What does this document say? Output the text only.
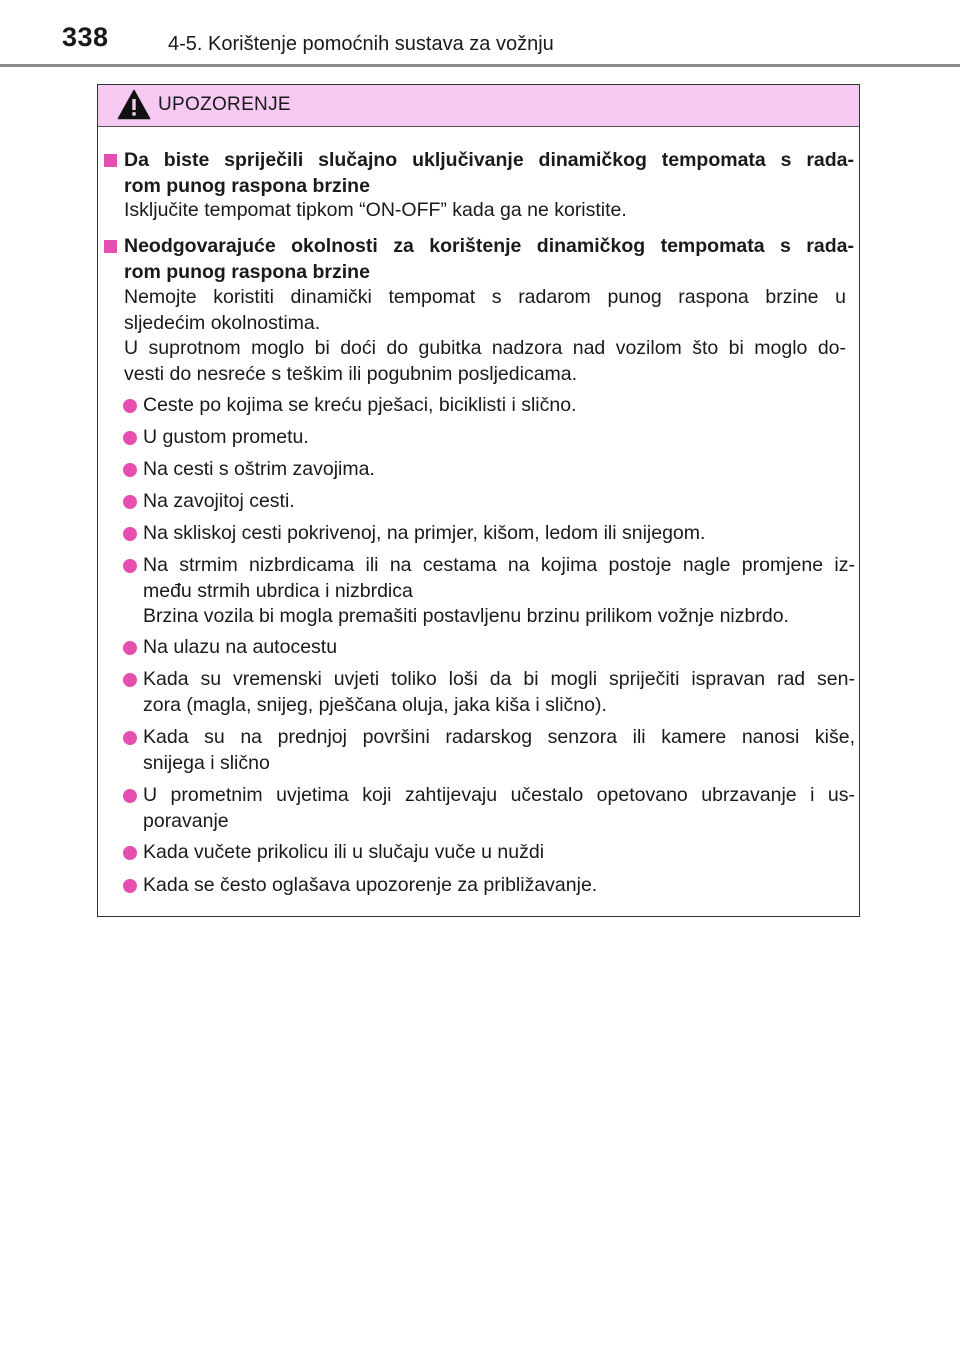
338	4-5. Korištenje pomoćnih sustava za vožnju
UPOZORENJE
Da biste spriječili slučajno uključivanje dinamičkog tempomata s rada-
rom punog raspona brzine
Isključite tempomat tipkom “ON-OFF” kada ga ne koristite.
Neodgovarajuće okolnosti za korištenje dinamičkog tempomata s rada-
rom punog raspona brzine
Nemojte koristiti dinamički tempomat s radarom punog raspona brzine u
sljedećim okolnostima.
U suprotnom moglo bi doći do gubitka nadzora nad vozilom što bi moglo do-
vesti do nesreće s teškim ili pogubnim posljedicama.
Ceste po kojima se kreću pješaci, biciklisti i slično.
U gustom prometu.
Na cesti s oštrim zavojima.
Na zavojitoj cesti.
Na skliskoj cesti pokrivenoj, na primjer, kišom, ledom ili snijegom.
Na strmim nizbrdicama ili na cestama na kojima postoje nagle promjene iz-
među strmih ubrdica i nizbrdica
Brzina vozila bi mogla premašiti postavljenu brzinu prilikom vožnje nizbrdo.
Na ulazu na autocestu
Kada su vremenski uvjeti toliko loši da bi mogli spriječiti ispravan rad sen-
zora (magla, snijeg, pješčana oluja, jaka kiša i slično).
Kada su na prednjoj površini radarskog senzora ili kamere nanosi kiše,
snijega i slično
U prometnim uvjetima koji zahtijevaju učestalo opetovano ubrzavanje i us-
poravanje
Kada vučete prikolicu ili u slučaju vuče u nuždi
Kada se često oglašava upozorenje za približavanje.
